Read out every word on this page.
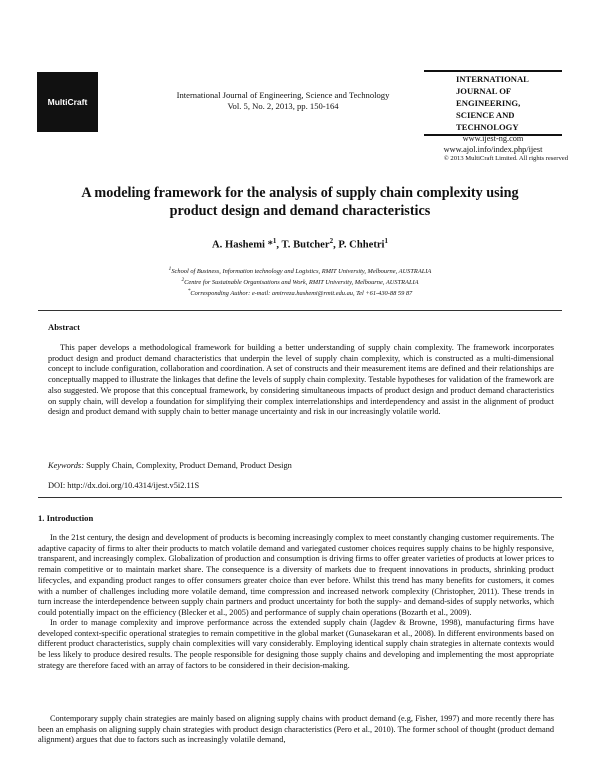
MultiCraft
International Journal of Engineering, Science and Technology
Vol. 5, No. 2, 2013, pp. 150-164
INTERNATIONAL
JOURNAL OF
ENGINEERING,
SCIENCE AND
TECHNOLOGY
www.ijest-ng.com
www.ajol.info/index.php/ijest
© 2013 MultiCraft Limited. All rights reserved
A modeling framework for the analysis of supply chain complexity using
product design and demand characteristics
A. Hashemi *$^1$, T. Butcher$^2$, P. Chhetri$^1$
$^1$School of Business, Information technology and Logistics, RMIT University, Melbourne, AUSTRALIA
$^2$Centre for Sustainable Organisations and Work, RMIT University, Melbourne, AUSTRALIA
*Corresponding Author: e-mail: amirreza.hashemi@rmit.edu.au, Tel +61-430-88 59 87
Abstract

This paper develops a methodological framework for building a better understanding of supply chain complexity. The framework incorporates product design and product demand characteristics that underpin the level of supply chain complexity, which is constructed as a multi-dimensional concept to include configuration, collaboration and coordination. A set of constructs and their measurement items are defined and their relationships are conceptually mapped to illustrate the linkages that define the levels of supply chain complexity. Testable hypotheses for validation of the framework are also suggested. We propose that this conceptual framework, by considering simultaneous impacts of product design and product demand characteristics on supply chain, will develop a foundation for simplifying their complex interrelationships and interdependency and assist in the alignment of product design and product demand with supply chain to better manage uncertainty and risk in our increasingly volatile world.

Keywords: Supply Chain, Complexity, Product Demand, Product Design
DOI: http://dx.doi.org/10.4314/ijest.v5i2.11S
1. Introduction

In the 21st century, the design and development of products is becoming increasingly complex to meet constantly changing customer requirements. The adaptive capacity of firms to alter their products to match volatile demand and variegated customer choices requires supply chains to be highly responsive, transparent, and increasingly complex. Globalization of production and consumption is driving firms to offer greater varieties of products at lower prices to remain competitive or to maintain market share. The consequence is a diversity of markets due to frequent innovations in products, shrinking product lifecycles, and expanding product ranges to offer consumers greater choice than ever before. Whilst this trend has many benefits for customers, it comes with a number of challenges including more volatile demand, time compression and increased network complexity (Christopher, 2011). These trends in turn increase the interdependence between supply chain partners and product uncertainty for both the supply- and demand-sides of supply networks, which could potentially impact on the efficiency (Blecker et al., 2005) and performance of supply chain operations (Bozarth et al., 2009).

In order to manage complexity and improve performance across the extended supply chain (Jagdev & Browne, 1998), manufacturing firms have developed context-specific operational strategies to remain competitive in the global market (Gunasekaran et al., 2008). In different environments based on different product characteristics, supply chain complexities will vary considerably. Employing identical supply chain strategies in alternate contexts would be less likely to produce desired results. The people responsible for designing those supply chains and developing and implementing the most appropriate strategy are therefore faced with an array of factors to be considered in their decision-making.

Contemporary supply chain strategies are mainly based on aligning supply chains with product demand (e.g, Fisher, 1997) and more recently there has been an emphasis on aligning supply chain strategies with product design characteristics (Pero et al., 2010). The former school of thought (product demand alignment) argues that due to factors such as increasingly volatile demand,
